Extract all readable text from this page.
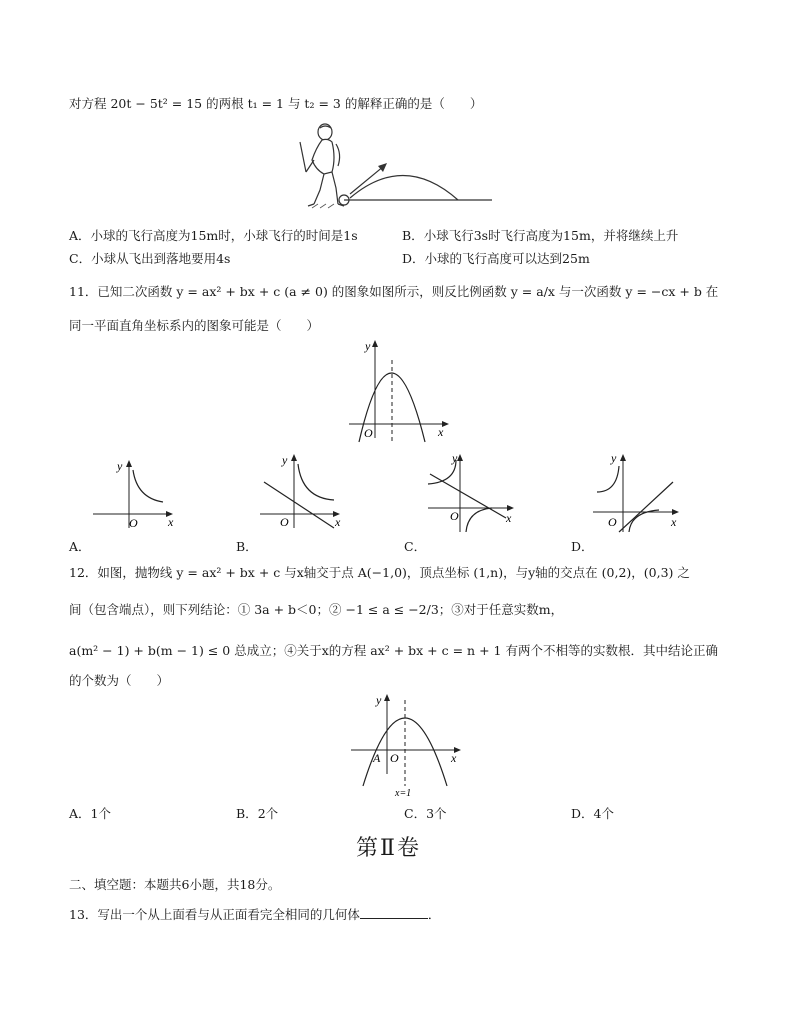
对方程 20t − 5t² = 15 的两根 t₁ = 1 与 t₂ = 3 的解释正确的是（　　）
A．小球的飞行高度为15m时，小球飞行的时间是1s	B．小球飞行3s时飞行高度为15m，并将继续上升
C．小球从飞出到落地要用4s	D．小球的飞行高度可以达到25m
11．已知二次函数 y = ax² + bx + c (a ≠ 0) 的图象如图所示，则反比例函数 y = a/x 与一次函数 y = −cx + b 在
同一平面直角坐标系内的图象可能是（　　）
y
x
O
y
x
O
A．
y
x
O
B．
y
x
O
C．
y
x
O
D．
12．如图，抛物线 y = ax² + bx + c 与x轴交于点 A(−1,0)，顶点坐标 (1,n)，与y轴的交点在 (0,2)，(0,3) 之
间（包含端点），则下列结论：① 3a + b＜0；② −1 ≤ a ≤ −2/3；③对于任意实数m，
a(m² − 1) + b(m − 1) ≤ 0 总成立；④关于x的方程 ax² + bx + c = n + 1 有两个不相等的实数根．其中结论正确
的个数为（　　）
y
x
A O
x=1
A．1个	B．2个	C．3个	D．4个
第Ⅱ卷
二、填空题：本题共6小题，共18分。
13．写出一个从上面看与从正面看完全相同的几何体	．
